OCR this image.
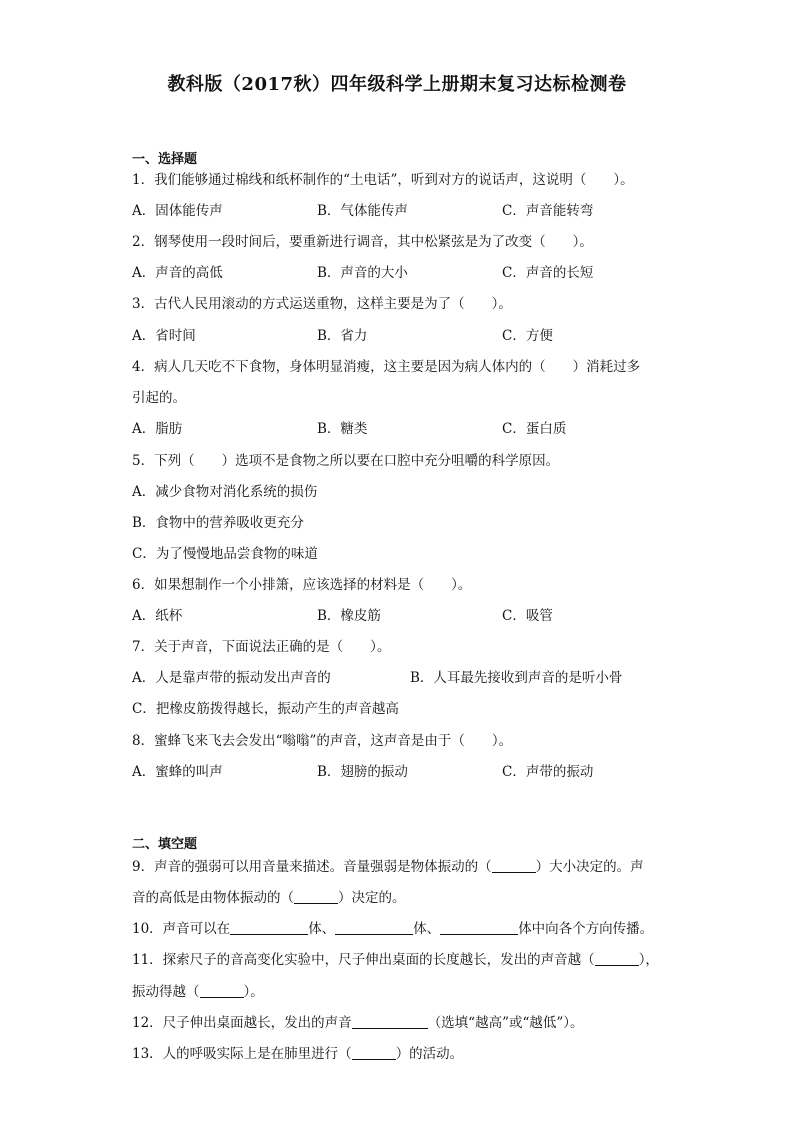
教科版（2017秋）四年级科学上册期末复习达标检测卷
一、选择题
1．我们能够通过棉线和纸杯制作的“土电话”，听到对方的说话声，这说明（　　）。
A．固体能传声	B．气体能传声	C．声音能转弯
2．钢琴使用一段时间后，要重新进行调音，其中松紧弦是为了改变（　　）。
A．声音的高低	B．声音的大小	C．声音的长短
3．古代人民用滚动的方式运送重物，这样主要是为了（　　）。
A．省时间	B．省力	C．方便
4．病人几天吃不下食物，身体明显消瘦，这主要是因为病人体内的（　　）消耗过多
引起的。
A．脂肪	B．糖类	C．蛋白质
5．下列（　　）选项不是食物之所以要在口腔中充分咀嚼的科学原因。
A．减少食物对消化系统的损伤
B．食物中的营养吸收更充分
C．为了慢慢地品尝食物的味道
6．如果想制作一个小排箫，应该选择的材料是（　　）。
A．纸杯	B．橡皮筋	C．吸管
7．关于声音，下面说法正确的是（　　）。
A．人是靠声带的振动发出声音的	B．人耳最先接收到声音的是听小骨
C．把橡皮筋拨得越长，振动产生的声音越高
8．蜜蜂飞来飞去会发出“嗡嗡”的声音，这声音是由于（　　）。
A．蜜蜂的叫声	B．翅膀的振动	C．声带的振动
二、填空题
9．声音的强弱可以用音量来描述。音量强弱是物体振动的（	）大小决定的。声
音的高低是由物体振动的（	）决定的。
10．声音可以在	体、	体、	体中向各个方向传播。
11．探索尺子的音高变化实验中，尺子伸出桌面的长度越长，发出的声音越（	），
振动得越（	）。
12．尺子伸出桌面越长，发出的声音	（选填“越高”或“越低”）。
13．人的呼吸实际上是在肺里进行（	）的活动。
